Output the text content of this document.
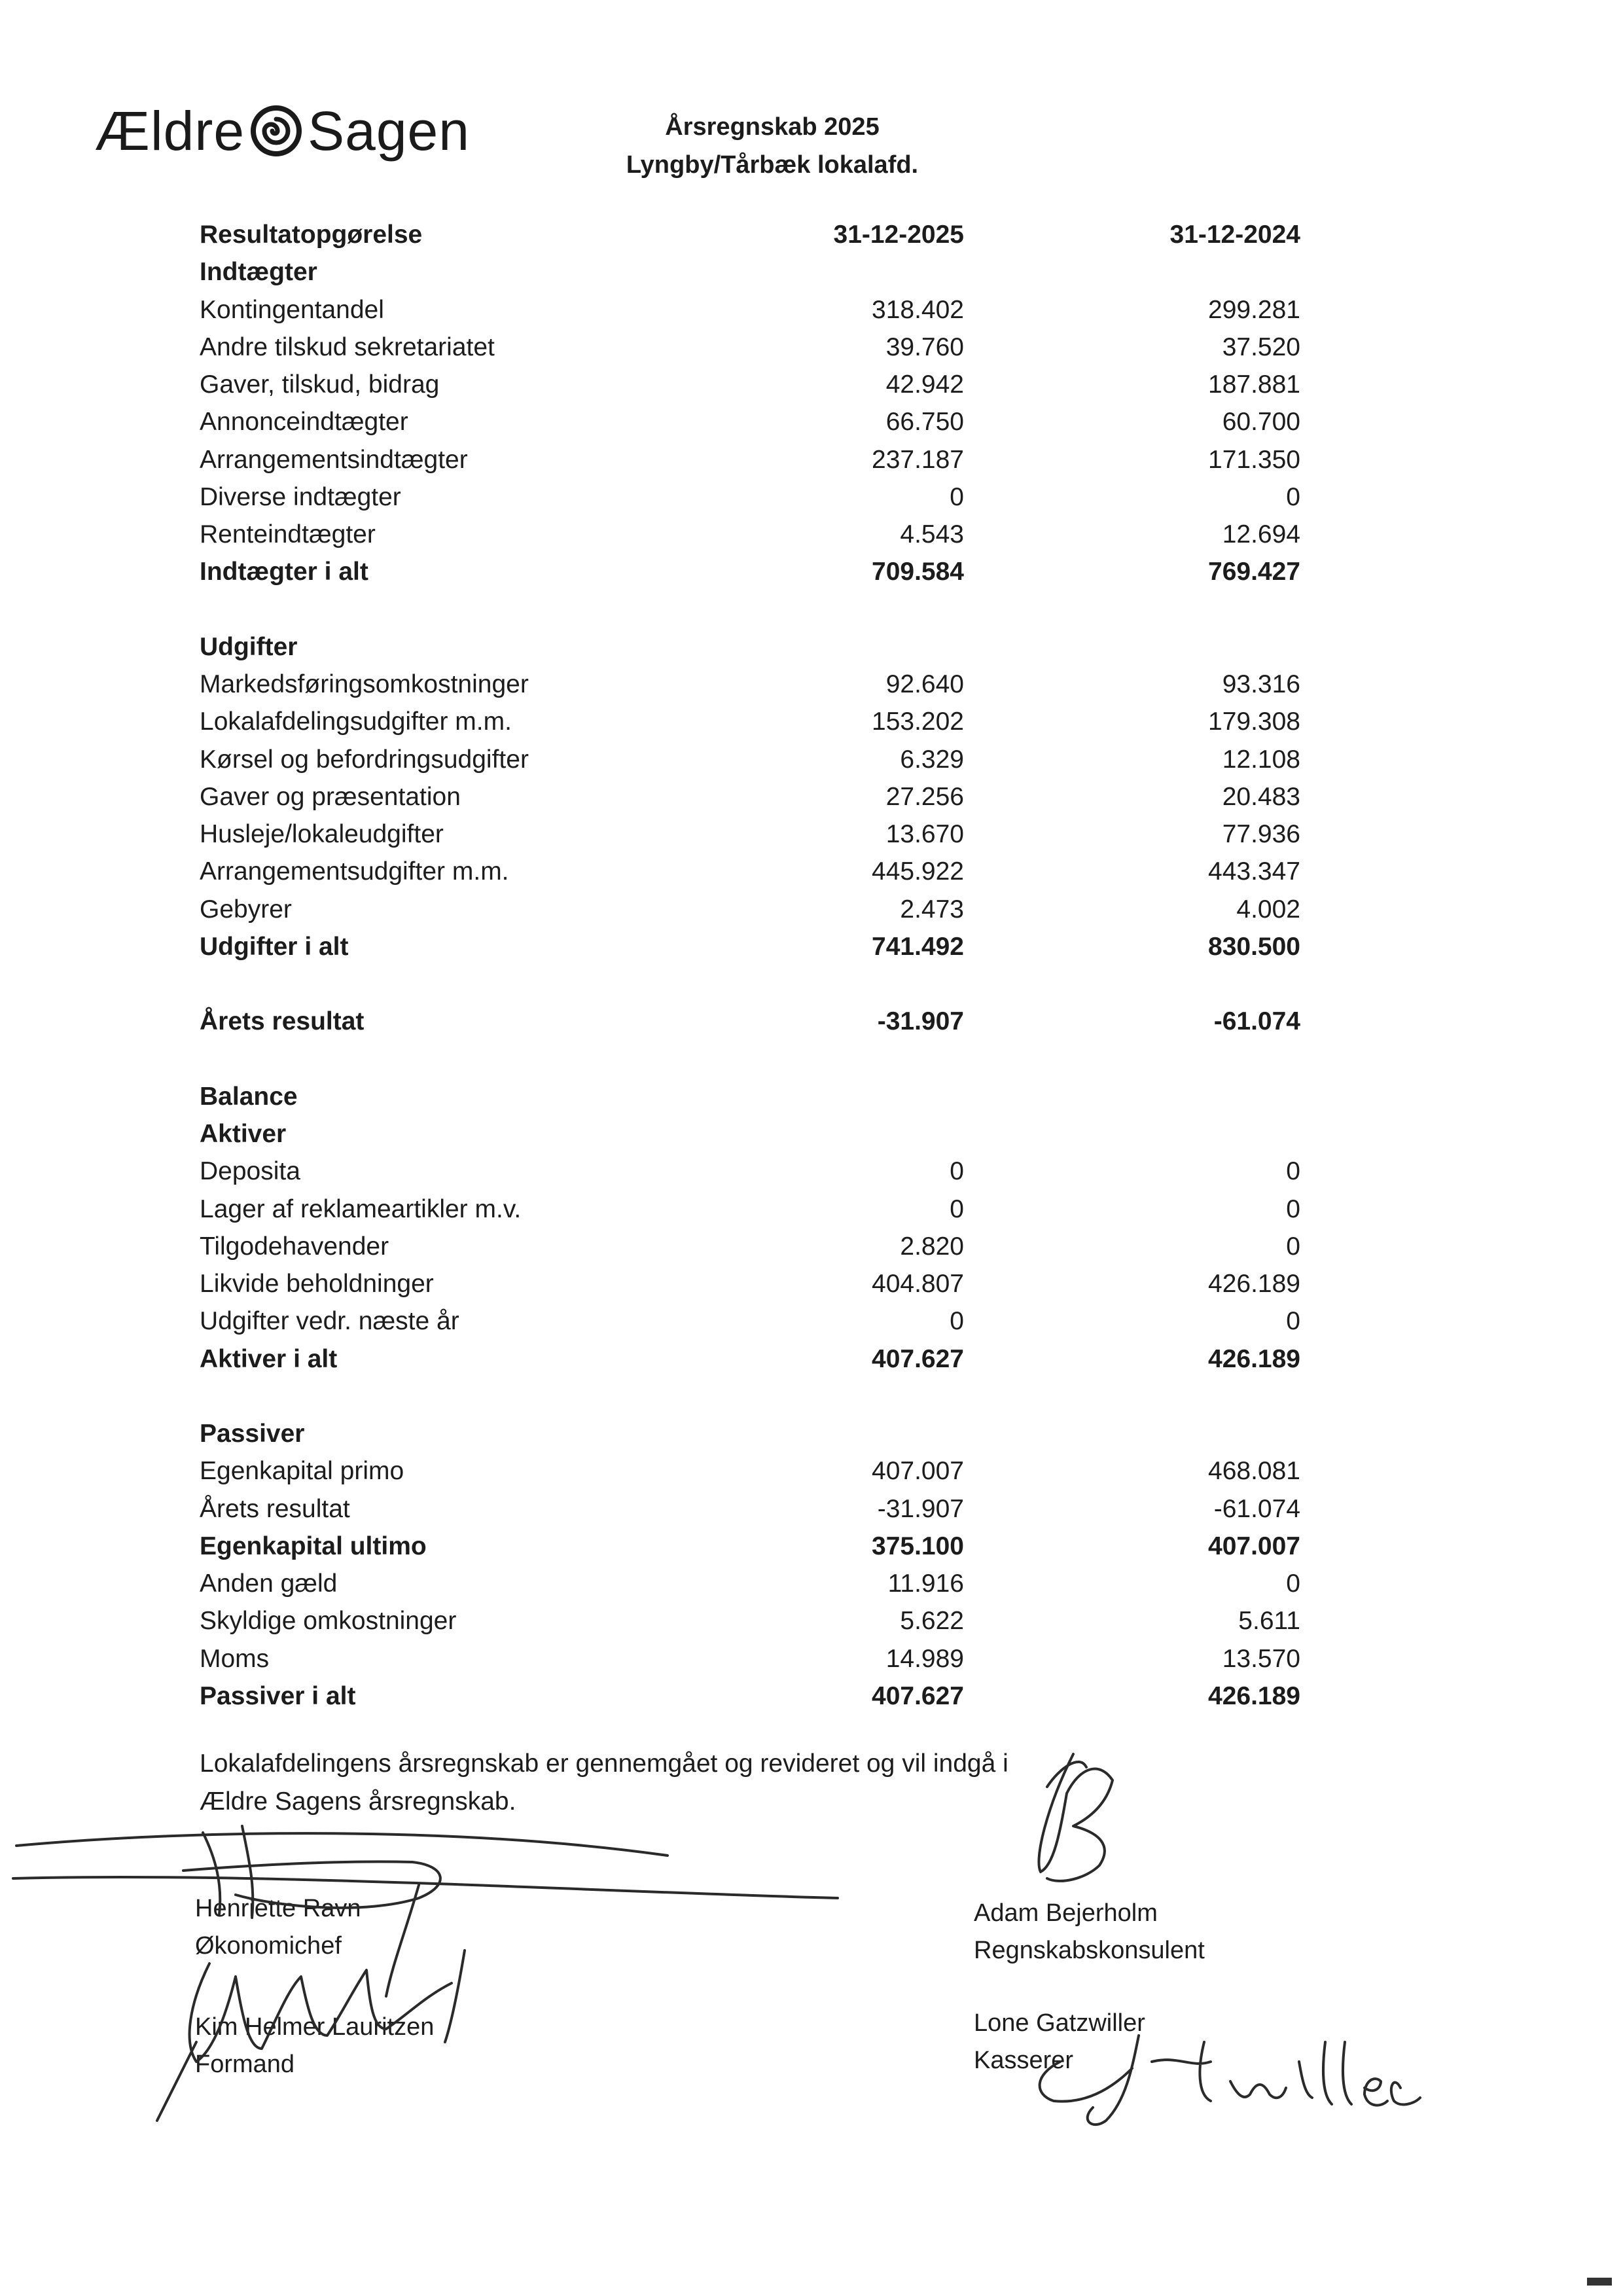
Ældre Sagen	Årsregnskab 2025
Lyngby/Tårbæk lokalafd.
Resultatopgørelse	31-12-2025	31-12-2024
Indtægter
Kontingentandel	318.402	299.281
Andre tilskud sekretariatet	39.760	37.520
Gaver, tilskud, bidrag	42.942	187.881
Annonceindtægter	66.750	60.700
Arrangementsindtægter	237.187	171.350
Diverse indtægter	0	0
Renteindtægter	4.543	12.694
Indtægter i alt	709.584	769.427
Udgifter
Markedsføringsomkostninger	92.640	93.316
Lokalafdelingsudgifter m.m.	153.202	179.308
Kørsel og befordringsudgifter	6.329	12.108
Gaver og præsentation	27.256	20.483
Husleje/lokaleudgifter	13.670	77.936
Arrangementsudgifter m.m.	445.922	443.347
Gebyrer	2.473	4.002
Udgifter i alt	741.492	830.500
Årets resultat	-31.907	-61.074
Balance
Aktiver
Deposita	0	0
Lager af reklameartikler m.v.	0	0
Tilgodehavender	2.820	0
Likvide beholdninger	404.807	426.189
Udgifter vedr. næste år	0	0
Aktiver i alt	407.627	426.189
Passiver
Egenkapital primo	407.007	468.081
Årets resultat	-31.907	-61.074
Egenkapital ultimo	375.100	407.007
Anden gæld	11.916	0
Skyldige omkostninger	5.622	5.611
Moms	14.989	13.570
Passiver i alt	407.627	426.189
Lokalafdelingens årsregnskab er gennemgået og revideret og vil indgå i
Ældre Sagens årsregnskab.
Henriette Ravn
Økonomichef
Kim Helmer Lauritzen
Formand
Adam Bejerholm
Regnskabskonsulent
Lone Gatzwiller
Kasserer
